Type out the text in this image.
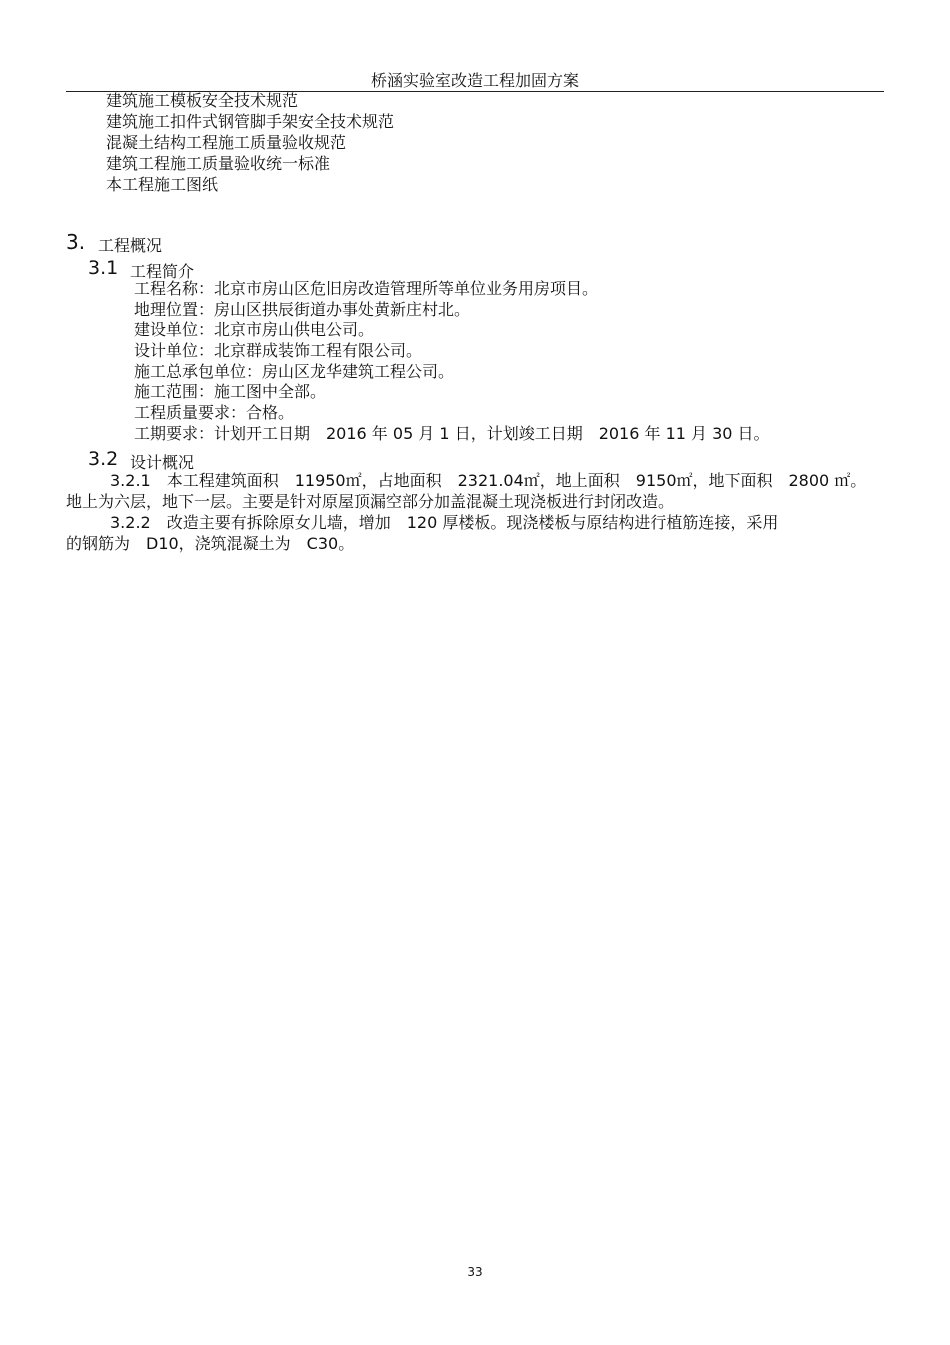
桥涵实验室改造工程加固方案
建筑施工模板安全技术规范
建筑施工扣件式钢管脚手架安全技术规范
混凝土结构工程施工质量验收规范
建筑工程施工质量验收统一标准
本工程施工图纸
3. 工程概况
3.1 工程简介
工程名称：北京市房山区危旧房改造管理所等单位业务用房项目。
地理位置：房山区拱辰街道办事处黄新庄村北。
建设单位：北京市房山供电公司。
设计单位：北京群成装饰工程有限公司。
施工总承包单位：房山区龙华建筑工程公司。
施工范围：施工图中全部。
工程质量要求：合格。
工期要求：计划开工日期　2016 年 05 月 1 日，计划竣工日期　2016 年 11 月 30 日。
3.2 设计概况
3.2.1　本工程建筑面积　11950㎡，占地面积　2321.04㎡，地上面积　9150㎡，地下面积　2800 ㎡。
地上为六层，地下一层。主要是针对原屋顶漏空部分加盖混凝土现浇板进行封闭改造。
3.2.2　改造主要有拆除原女儿墙，增加　120 厚楼板。现浇楼板与原结构进行植筋连接，采用
的钢筋为　D10，浇筑混凝土为　C30。
33
